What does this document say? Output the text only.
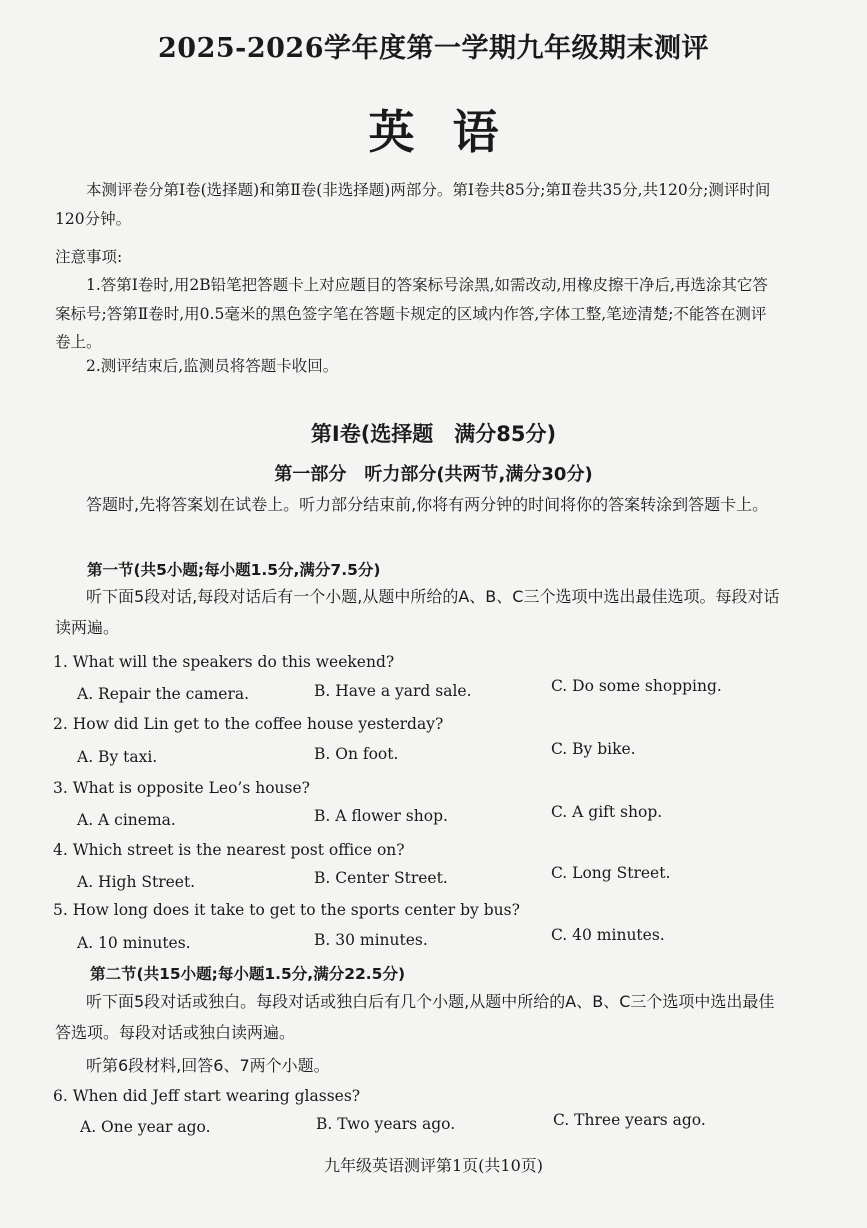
2025-2026学年度第一学期九年级期末测评
英语
本测评卷分第Ⅰ卷(选择题)和第Ⅱ卷(非选择题)两部分。第Ⅰ卷共85分;第Ⅱ卷共35分,共120分;测评时间120分钟。
注意事项:
1.答第Ⅰ卷时,用2B铅笔把答题卡上对应题目的答案标号涂黑,如需改动,用橡皮擦干净后,再选涂其它答案标号;答第Ⅱ卷时,用0.5毫米的黑色签字笔在答题卡规定的区域内作答,字体工整,笔迹清楚;不能答在测评卷上。
2.测评结束后,监测员将答题卡收回。
第Ⅰ卷(选择题　满分85分)
第一部分　听力部分(共两节,满分30分)
答题时,先将答案划在试卷上。听力部分结束前,你将有两分钟的时间将你的答案转涂到答题卡上。
第一节(共5小题;每小题1.5分,满分7.5分)
听下面5段对话,每段对话后有一个小题,从题中所给的A、B、C三个选项中选出最佳选项。每段对话读两遍。
1. What will the speakers do this weekend?
A. Repair the camera.	B. Have a yard sale.	C. Do some shopping.
2. How did Lin get to the coffee house yesterday?
A. By taxi.	B. On foot.	C. By bike.
3. What is opposite Leo’s house?
A. A cinema.	B. A flower shop.	C. A gift shop.
4. Which street is the nearest post office on?
A. High Street.	B. Center Street.	C. Long Street.
5. How long does it take to get to the sports center by bus?
A. 10 minutes.	B. 30 minutes.	C. 40 minutes.
第二节(共15小题;每小题1.5分,满分22.5分)
听下面5段对话或独白。每段对话或独白后有几个小题,从题中所给的A、B、C三个选项中选出最佳答选项。每段对话或独白读两遍。
听第6段材料,回答6、7两个小题。
6. When did Jeff start wearing glasses?
A. One year ago.	B. Two years ago.	C. Three years ago.
九年级英语测评第1页(共10页)
